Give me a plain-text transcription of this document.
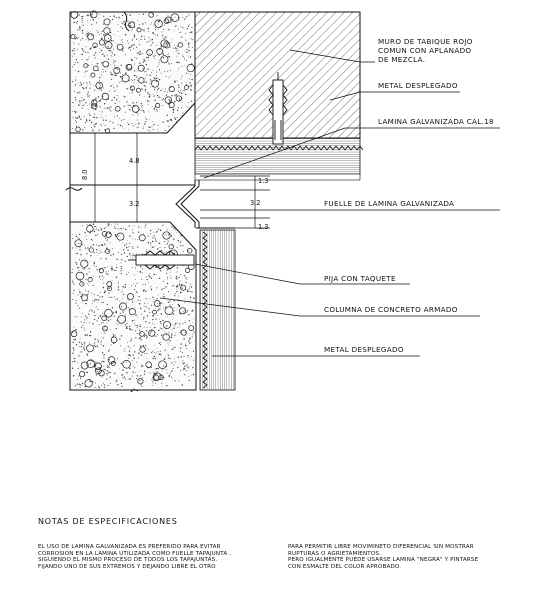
8.0
4.8
3.2
1.3
3.2
1.3
MURO DE TABIQUE ROJO
COMUN CON APLANADO
DE MEZCLA.
METAL DESPLEGADO
LAMINA GALVANIZADA CAL.18
FUELLE DE LAMINA GALVANIZADA
PIJA CON TAQUETE
COLUMNA DE CONCRETO ARMADO
METAL DESPLEGADO
NOTAS DE ESPECIFICACIONES
EL USO DE LAMINA GALVANIZADA ES PREFERIDO PARA EVITAR
CORROSION EN LA LAMINA UTILIZADA COMO FUELLE TAPAJUNTA ,
SIGUIENDO EL MISMO PROCESO DE TODOS LOS TAPAJUNTAS.
FIJANDO UNO DE SUS EXTREMOS Y DEJANDO LIBRE EL OTRO
PARA PERMITIR LIBRE MOVIMINETO DIFERENCIAL SIN MOSTRAR
RUPTURAS O AGRIETAMIENTOS.
PERO IGUALMENTE PUEDE USARSE LAMINA "NEGRA" Y PINTARSE
CON ESMALTE DEL COLOR APROBADO.
